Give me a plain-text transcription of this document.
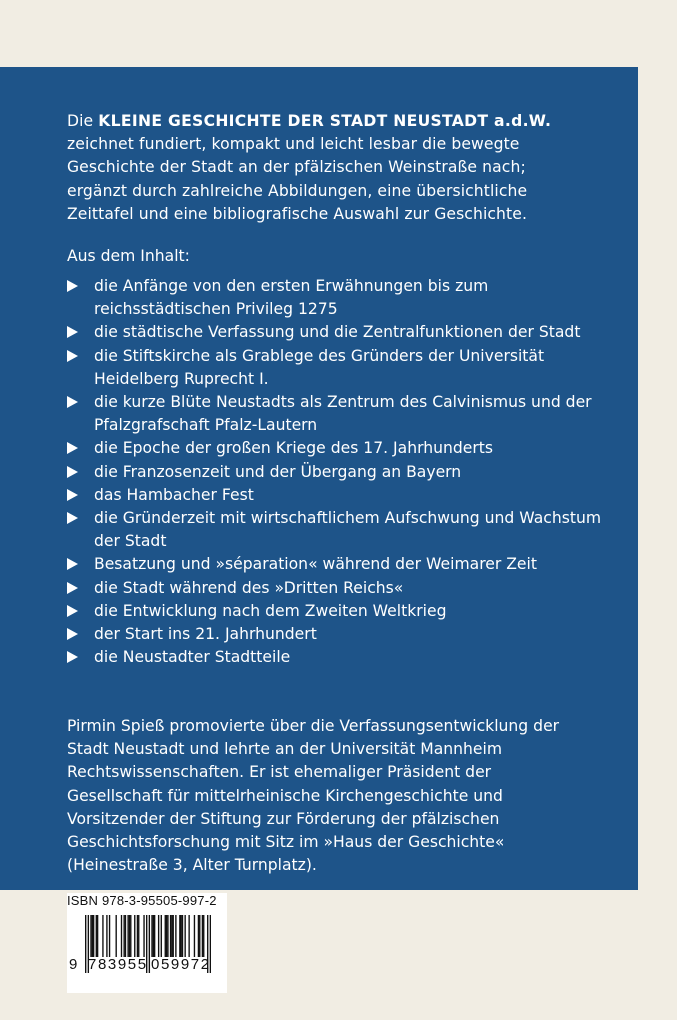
Die KLEINE GESCHICHTE DER STADT NEUSTADT a.d.W.
zeichnet fundiert, kompakt und leicht lesbar die bewegte Geschichte der Stadt an der pfälzischen Weinstraße nach; ergänzt durch zahlreiche Abbildungen, eine übersichtliche Zeittafel und eine bibliografische Auswahl zur Geschichte.

Aus dem Inhalt:
die Anfänge von den ersten Erwähnungen bis zum reichsstädtischen Privileg 1275
die städtische Verfassung und die Zentralfunktionen der Stadt
die Stiftskirche als Grablege des Gründers der Universität Heidelberg Ruprecht I.
die kurze Blüte Neustadts als Zentrum des Calvinismus und der Pfalzgrafschaft Pfalz-Lautern
die Epoche der großen Kriege des 17. Jahrhunderts
die Franzosenzeit und der Übergang an Bayern
das Hambacher Fest
die Gründerzeit mit wirtschaftlichem Aufschwung und Wachstum der Stadt
Besatzung und »séparation« während der Weimarer Zeit
die Stadt während des »Dritten Reichs«
die Entwicklung nach dem Zweiten Weltkrieg
der Start ins 21. Jahrhundert
die Neustadter Stadtteile

Pirmin Spieß promovierte über die Verfassungsentwicklung der Stadt Neustadt und lehrte an der Universität Mannheim Rechtswissenschaften. Er ist ehemaliger Präsident der Gesellschaft für mittelrheinische Kirchengeschichte und Vorsitzender der Stiftung zur Förderung der pfälzischen Geschichtsforschung mit Sitz im »Haus der Geschichte« (Heinestraße 3, Alter Turnplatz).

ISBN 978-3-95505-997-2
9 783955 059972
